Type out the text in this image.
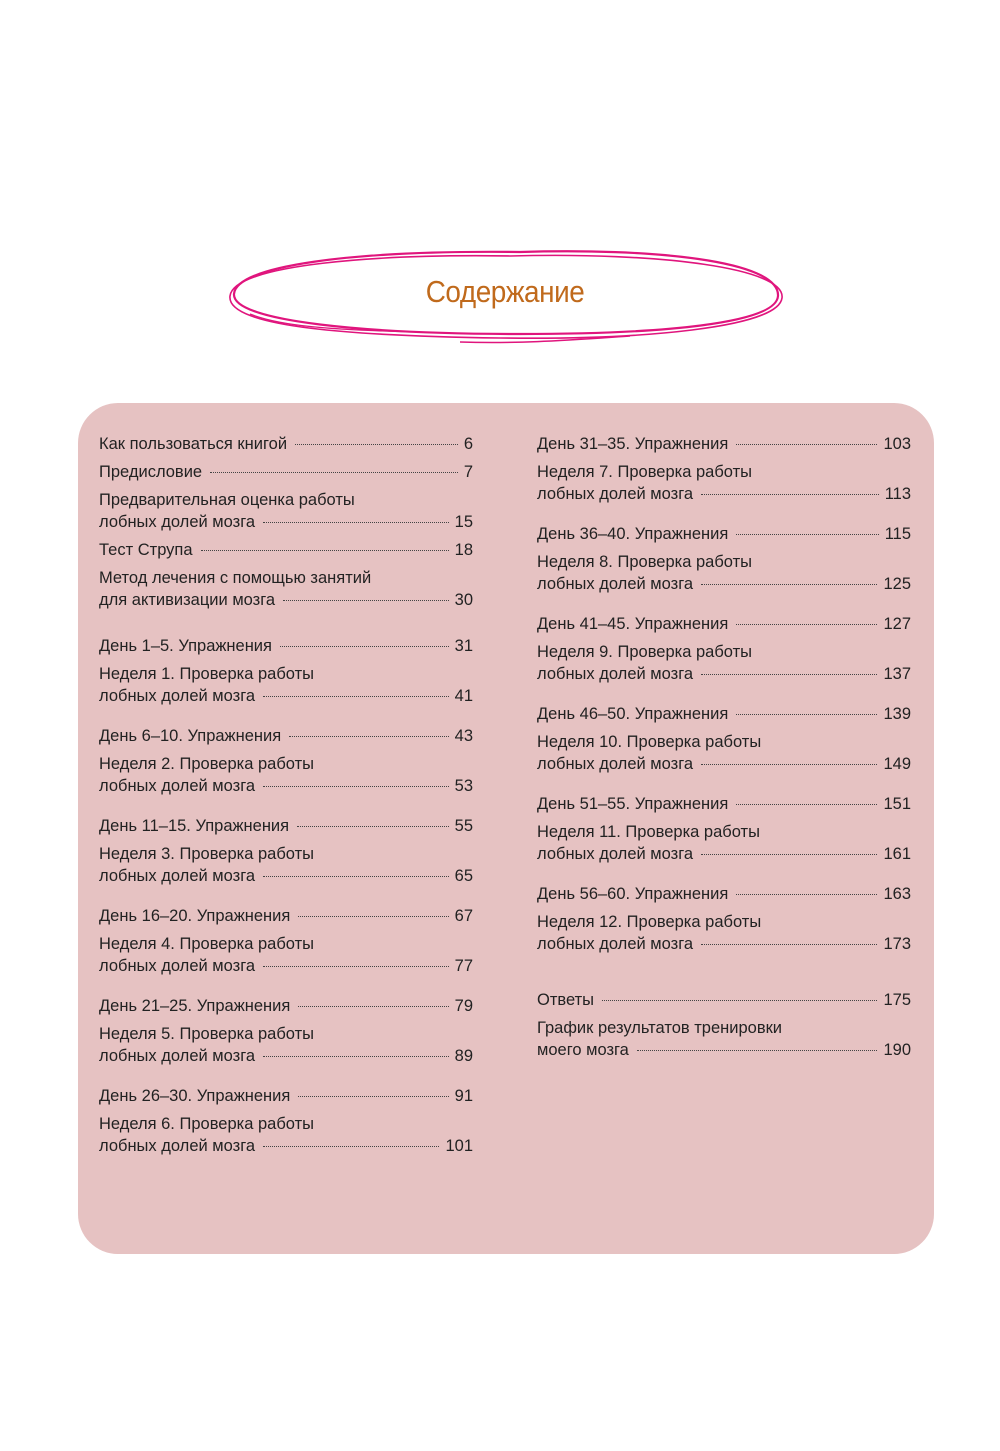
Содержание
Как пользоваться книгой	6
Предисловие	7
Предварительная оценка работы
лобных долей мозга	15
Тест Струпа	18
Метод лечения с помощью занятий
для активизации мозга	30
День 1–5. Упражнения	31
Неделя 1. Проверка работы
лобных долей мозга	41
День 6–10. Упражнения	43
Неделя 2. Проверка работы
лобных долей мозга	53
День 11–15. Упражнения	55
Неделя 3. Проверка работы
лобных долей мозга	65
День 16–20. Упражнения	67
Неделя 4. Проверка работы
лобных долей мозга	77
День 21–25. Упражнения	79
Неделя 5. Проверка работы
лобных долей мозга	89
День 26–30. Упражнения	91
Неделя 6. Проверка работы
лобных долей мозга	101
День 31–35. Упражнения	103
Неделя 7. Проверка работы
лобных долей мозга	113
День 36–40. Упражнения	115
Неделя 8. Проверка работы
лобных долей мозга	125
День 41–45. Упражнения	127
Неделя 9. Проверка работы
лобных долей мозга	137
День 46–50. Упражнения	139
Неделя 10. Проверка работы
лобных долей мозга	149
День 51–55. Упражнения	151
Неделя 11. Проверка работы
лобных долей мозга	161
День 56–60. Упражнения	163
Неделя 12. Проверка работы
лобных долей мозга	173
Ответы	175
График результатов тренировки
моего мозга	190
